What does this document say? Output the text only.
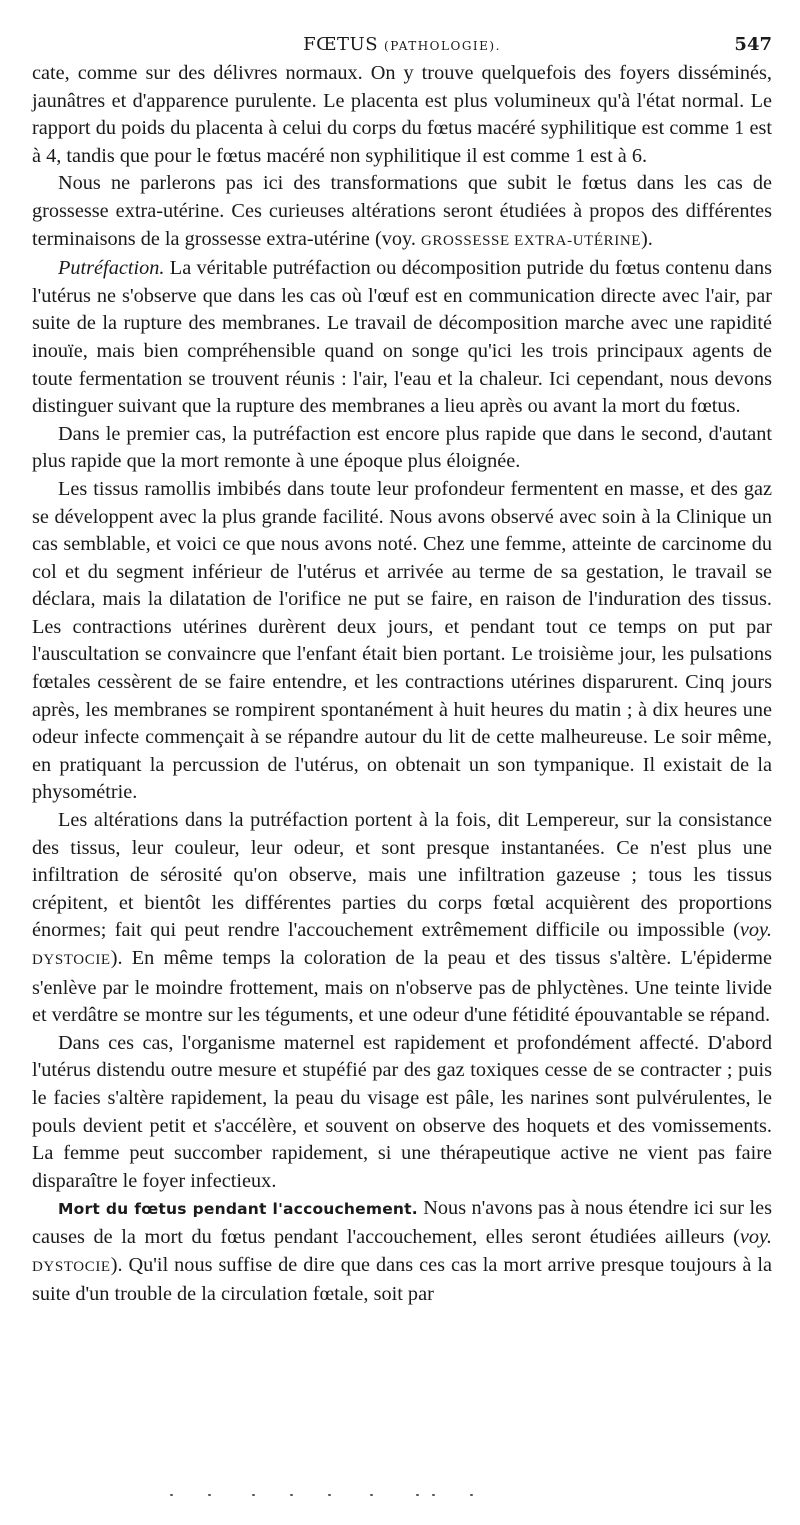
FŒTUS (PATHOLOGIE).	547

cate, comme sur des délivres normaux. On y trouve quelquefois des foyers disséminés, jaunâtres et d'apparence purulente. Le placenta est plus volumineux qu'à l'état normal. Le rapport du poids du placenta à celui du corps du fœtus macéré syphilitique est comme 1 est à 4, tandis que pour le fœtus macéré non syphilitique il est comme 1 est à 6.

Nous ne parlerons pas ici des transformations que subit le fœtus dans les cas de grossesse extra-utérine. Ces curieuses altérations seront étudiées à propos des différentes terminaisons de la grossesse extra-utérine (voy. GROSSESSE EXTRA-UTÉRINE).

Putréfaction. La véritable putréfaction ou décomposition putride du fœtus contenu dans l'utérus ne s'observe que dans les cas où l'œuf est en communication directe avec l'air, par suite de la rupture des membranes. Le travail de décomposition marche avec une rapidité inouïe, mais bien compréhensible quand on songe qu'ici les trois principaux agents de toute fermentation se trouvent réunis : l'air, l'eau et la chaleur. Ici cependant, nous devons distinguer suivant que la rupture des membranes a lieu après ou avant la mort du fœtus.

Dans le premier cas, la putréfaction est encore plus rapide que dans le second, d'autant plus rapide que la mort remonte à une époque plus éloignée.

Les tissus ramollis imbibés dans toute leur profondeur fermentent en masse, et des gaz se développent avec la plus grande facilité. Nous avons observé avec soin à la Clinique un cas semblable, et voici ce que nous avons noté. Chez une femme, atteinte de carcinome du col et du segment inférieur de l'utérus et arrivée au terme de sa gestation, le travail se déclara, mais la dilatation de l'orifice ne put se faire, en raison de l'induration des tissus. Les contractions utérines durèrent deux jours, et pendant tout ce temps on put par l'auscultation se convaincre que l'enfant était bien portant. Le troisième jour, les pulsations fœtales cessèrent de se faire entendre, et les contractions utérines disparurent. Cinq jours après, les membranes se rompirent spontanément à huit heures du matin ; à dix heures une odeur infecte commençait à se répandre autour du lit de cette malheureuse. Le soir même, en pratiquant la percussion de l'utérus, on obtenait un son tympanique. Il existait de la physométrie.

Les altérations dans la putréfaction portent à la fois, dit Lempereur, sur la consistance des tissus, leur couleur, leur odeur, et sont presque instantanées. Ce n'est plus une infiltration de sérosité qu'on observe, mais une infiltration gazeuse ; tous les tissus crépitent, et bientôt les différentes parties du corps fœtal acquièrent des proportions énormes; fait qui peut rendre l'accouchement extrêmement difficile ou impossible (voy. DYSTOCIE). En même temps la coloration de la peau et des tissus s'altère. L'épiderme s'enlève par le moindre frottement, mais on n'observe pas de phlyctènes. Une teinte livide et verdâtre se montre sur les téguments, et une odeur d'une fétidité épouvantable se répand.

Dans ces cas, l'organisme maternel est rapidement et profondément affecté. D'abord l'utérus distendu outre mesure et stupéfié par des gaz toxiques cesse de se contracter ; puis le facies s'altère rapidement, la peau du visage est pâle, les narines sont pulvérulentes, le pouls devient petit et s'accélère, et souvent on observe des hoquets et des vomissements. La femme peut succomber rapidement, si une thérapeutique active ne vient pas faire disparaître le foyer infectieux.

Mort du fœtus pendant l'accouchement. Nous n'avons pas à nous étendre ici sur les causes de la mort du fœtus pendant l'accouchement, elles seront étudiées ailleurs (voy. DYSTOCIE). Qu'il nous suffise de dire que dans ces cas la mort arrive presque toujours à la suite d'un trouble de la circulation fœtale, soit par
